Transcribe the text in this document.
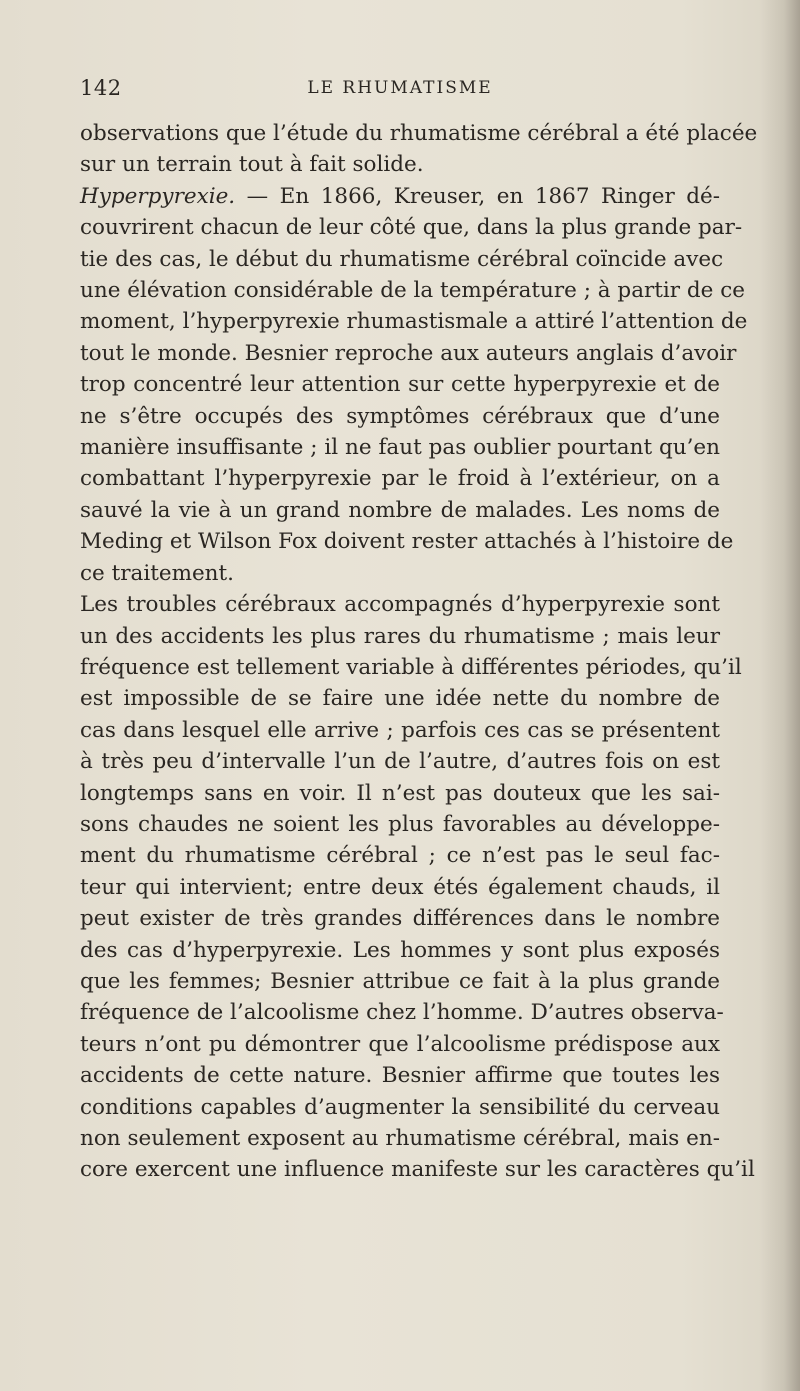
142	LE RHUMATISME
observations que l’étude du rhumatisme cérébral a été placée
sur un terrain tout à fait solide.
Hyperpyrexie. — En 1866, Kreuser, en 1867 Ringer dé-
couvrirent chacun de leur côté que, dans la plus grande par-
tie des cas, le début du rhumatisme cérébral coïncide avec
une élévation considérable de la température ; à partir de ce
moment, l’hyperpyrexie rhumastismale a attiré l’attention de
tout le monde. Besnier reproche aux auteurs anglais d’avoir
trop concentré leur attention sur cette hyperpyrexie et de
ne s’être occupés des symptômes cérébraux que d’une
manière insuffisante ; il ne faut pas oublier pourtant qu’en
combattant l’hyperpyrexie par le froid à l’extérieur, on a
sauvé la vie à un grand nombre de malades. Les noms de
Meding et Wilson Fox doivent rester attachés à l’histoire de
ce traitement.
Les troubles cérébraux accompagnés d’hyperpyrexie sont
un des accidents les plus rares du rhumatisme ; mais leur
fréquence est tellement variable à différentes périodes, qu’il
est impossible de se faire une idée nette du nombre de
cas dans lesquel elle arrive ; parfois ces cas se présentent
à très peu d’intervalle l’un de l’autre, d’autres fois on est
longtemps sans en voir. Il n’est pas douteux que les sai-
sons chaudes ne soient les plus favorables au développe-
ment du rhumatisme cérébral ; ce n’est pas le seul fac-
teur qui intervient; entre deux étés également chauds, il
peut exister de très grandes différences dans le nombre
des cas d’hyperpyrexie. Les hommes y sont plus exposés
que les femmes; Besnier attribue ce fait à la plus grande
fréquence de l’alcoolisme chez l’homme. D’autres observa-
teurs n’ont pu démontrer que l’alcoolisme prédispose aux
accidents de cette nature. Besnier affirme que toutes les
conditions capables d’augmenter la sensibilité du cerveau
non seulement exposent au rhumatisme cérébral, mais en-
core exercent une influence manifeste sur les caractères qu’il
